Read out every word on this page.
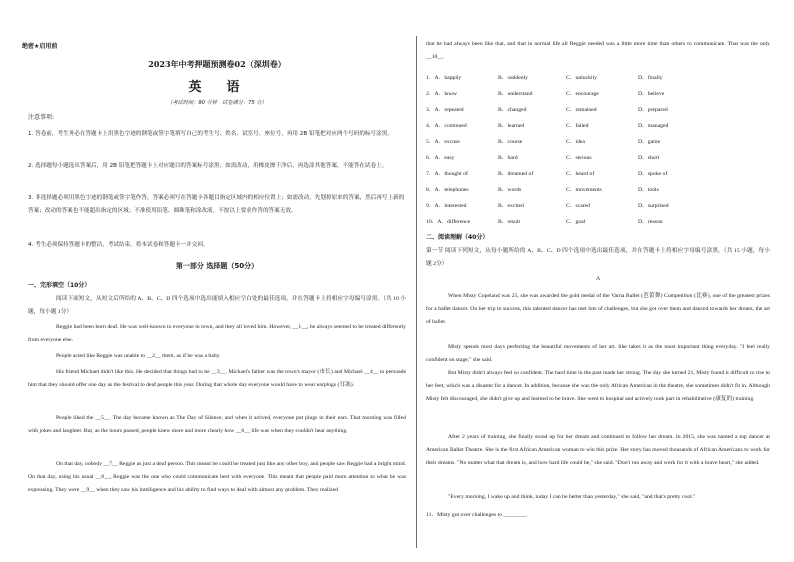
绝密★启用前
2023年中考押题预测卷02（深圳卷）
英　语
（考试时间：90 分钟　试卷满分：75 分）
注意事项:
1. 答卷前，考生务必在答题卡上用黑色字迹的钢笔或签字笔填写自己的考生号、姓名、试室号、座位号，再用 2B 铅笔把对应两个号码的标号涂黑。
2. 选择题每小题选出答案后，用 2B 铅笔把答题卡上对应题目的答案标号涂黑；如需改动，用橡皮擦干净后，再选涂其他答案。不能答在试卷上。
3. 非选择题必须用黑色字迹的钢笔或签字笔作答，答案必须写在答题卡各题目指定区域内的相应位置上；如需改动，先划掉原来的答案，然后再写上新的答案；改动的答案也不能超出指定的区域；不准使用铅笔、圆珠笔和涂改液。不按以上要求作答的答案无效。
4. 考生必须保持答题卡的整洁，考试结束，将本试卷和答题卡一并交回。
第一部分 选择题（50分）
一、完形填空（10分）
阅读下面短文，从短文后所给的 A、B、C、D 四个选项中选出能填入相应空白处的最佳选项，并在答题卡上将相应字母编号涂黑。（共 10 小题，每小题 1分）
Reggie had been born deaf. He was well-known to everyone in town, and they all loved him. However, __1__, he always seemed to be treated differently from everyone else.
People acted like Reggie was unable to __2__ them, as if he was a baby.
His friend Michael didn't like this. He decided that things had to be __3__. Michael's father was the town's mayor (市长) and Michael __4__ to persuade him that they should offer one day as the festival to deaf people this year. During that whole day everyone would have to wear earplugs (耳塞).
People liked the __5__. The day became known as The Day of Silence, and when it arrived, everyone put plugs in their ears. That morning was filled with jokes and laughter. But, as the hours passed, people knew more and more clearly how __6__ life was when they couldn't hear anything.
On that day, nobody __7__ Reggie as just a deaf person. This meant he could be treated just like any other boy, and people saw Reggie had a bright mind. On that day, using his usual __8__, Reggie was the one who could communicate best with everyone. This meant that people paid more attention to what he was expressing. They were __9__ when they saw his intelligence and his ability to find ways to deal with almost any problem. They realized
that he had always been like that, and that in normal life all Reggie needed was a little more time than others to communicate. That was the only __10__.
1．A．happily	B．suddenly	C．unluckily	D．finally
2．A．know	B．understand	C．encourage	D．believe
3．A．repeated	B．changed	C．remained	D．prepared
4．A．continued	B．learned	C．failed	D．managed
5．A．excuse	B．course	C．idea	D．game
6．A．easy	B．hard	C．serious	D．short
7．A．thought of	B．dreamed of	C．heard of	D．spoke of
8．A．telephones	B．words	C．movements	D．tools
9．A．interested	B．excited	C．scared	D．surprised
10．A．difference	B．result	C．goal	D．reason
二、阅读理解（40分）
第一节 阅读下列短文，从每小题所给的 A、B、C、D 四个选项中选出最佳选项，并在答题卡上将相应字母编号涂黑。（共 15 小题，每小题 2分）
A
When Misty Copeland was 25, she was awarded the gold medal of the Varna Ballet (芭蕾舞) Competition (比赛), one of the greatest prizes for a ballet dancer. On her trip to success, this talented dancer has met lots of challenges, but she got over them and danced towards her dream, the art of ballet.
Misty spends most days perfecting the beautiful movements of her art. She takes it as the most important thing everyday. "I feel really confident on stage," she said.
But Misty didn't always feel so confident. The hard time in the past made her strong. The day she turned 21, Misty found it difficult to rise to her feet, which was a disaster for a dancer. In addition, because she was the only African American in the theatre, she sometimes didn't fit in. Although Misty felt discouraged, she didn't give up and learned to be brave. She went to hospital and actively took part in rehabilitative (康复的) training.
After 2 years of training, she finally stood up for her dream and continued to follow her dream. In 2015, she was named a top dancer at American Ballet Theatre. She is the first African American woman to win this prize. Her story has moved thousands of African Americans to work for their dreams. "No matter what that dream is, and how hard life could be," she said. "Don't run away and work for it with a brave heart," she added.
"Every morning, I wake up and think, today I can be better than yesterday," she said, "and that's pretty cool."
11．Misty got over challenges to ________.
